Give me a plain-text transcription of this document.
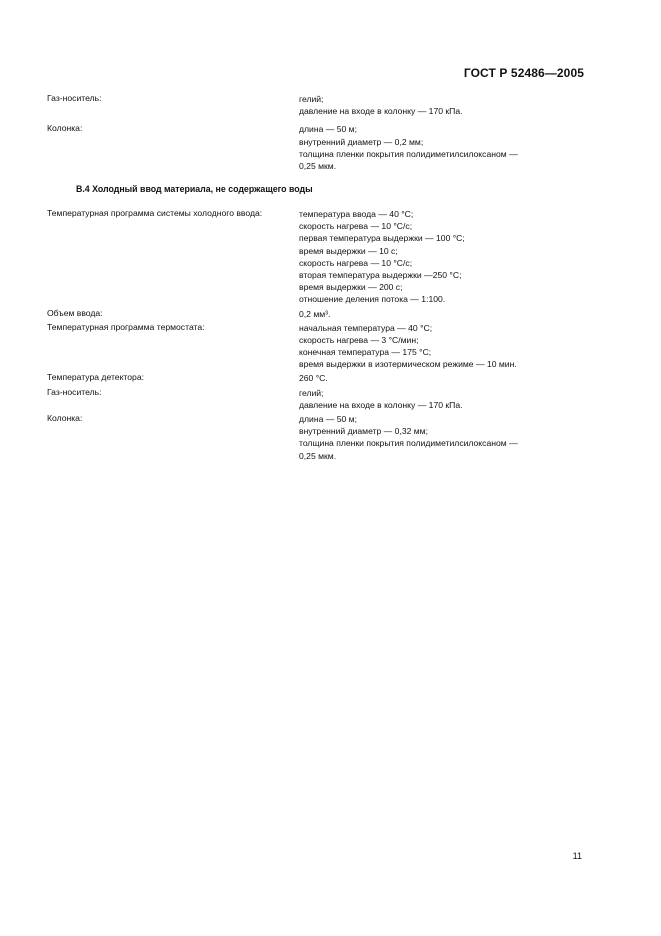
ГОСТ Р 52486—2005
Газ-носитель:	гелий;
давление на входе в колонку — 170 кПа.
Колонка:	длина — 50 м;
внутренний диаметр — 0,2 мм;
толщина пленки покрытия полидиметилсилоксаном —
0,25 мкм.
В.4 Холодный ввод материала, не содержащего воды
Температурная программа системы холодного ввода:	температура ввода — 40 °С;
скорость нагрева — 10 °С/с;
первая температура выдержки — 100 °С;
время выдержки — 10 с;
скорость нагрева — 10 °С/с;
вторая температура выдержки —250 °С;
время выдержки — 200 с;
отношение деления потока — 1:100.
Объем ввода:	0,2 мм³.
Температурная программа термостата:	начальная температура — 40 °С;
скорость нагрева — 3 °С/мин;
конечная температура — 175 °С;
время выдержки в изотермическом режиме — 10 мин.
Температура детектора:	260 °С.
Газ-носитель:	гелий;
давление на входе в колонку — 170 кПа.
Колонка:	длина — 50 м;
внутренний диаметр — 0,32 мм;
толщина пленки покрытия полидиметилсилоксаном —
0,25 мкм.
11
